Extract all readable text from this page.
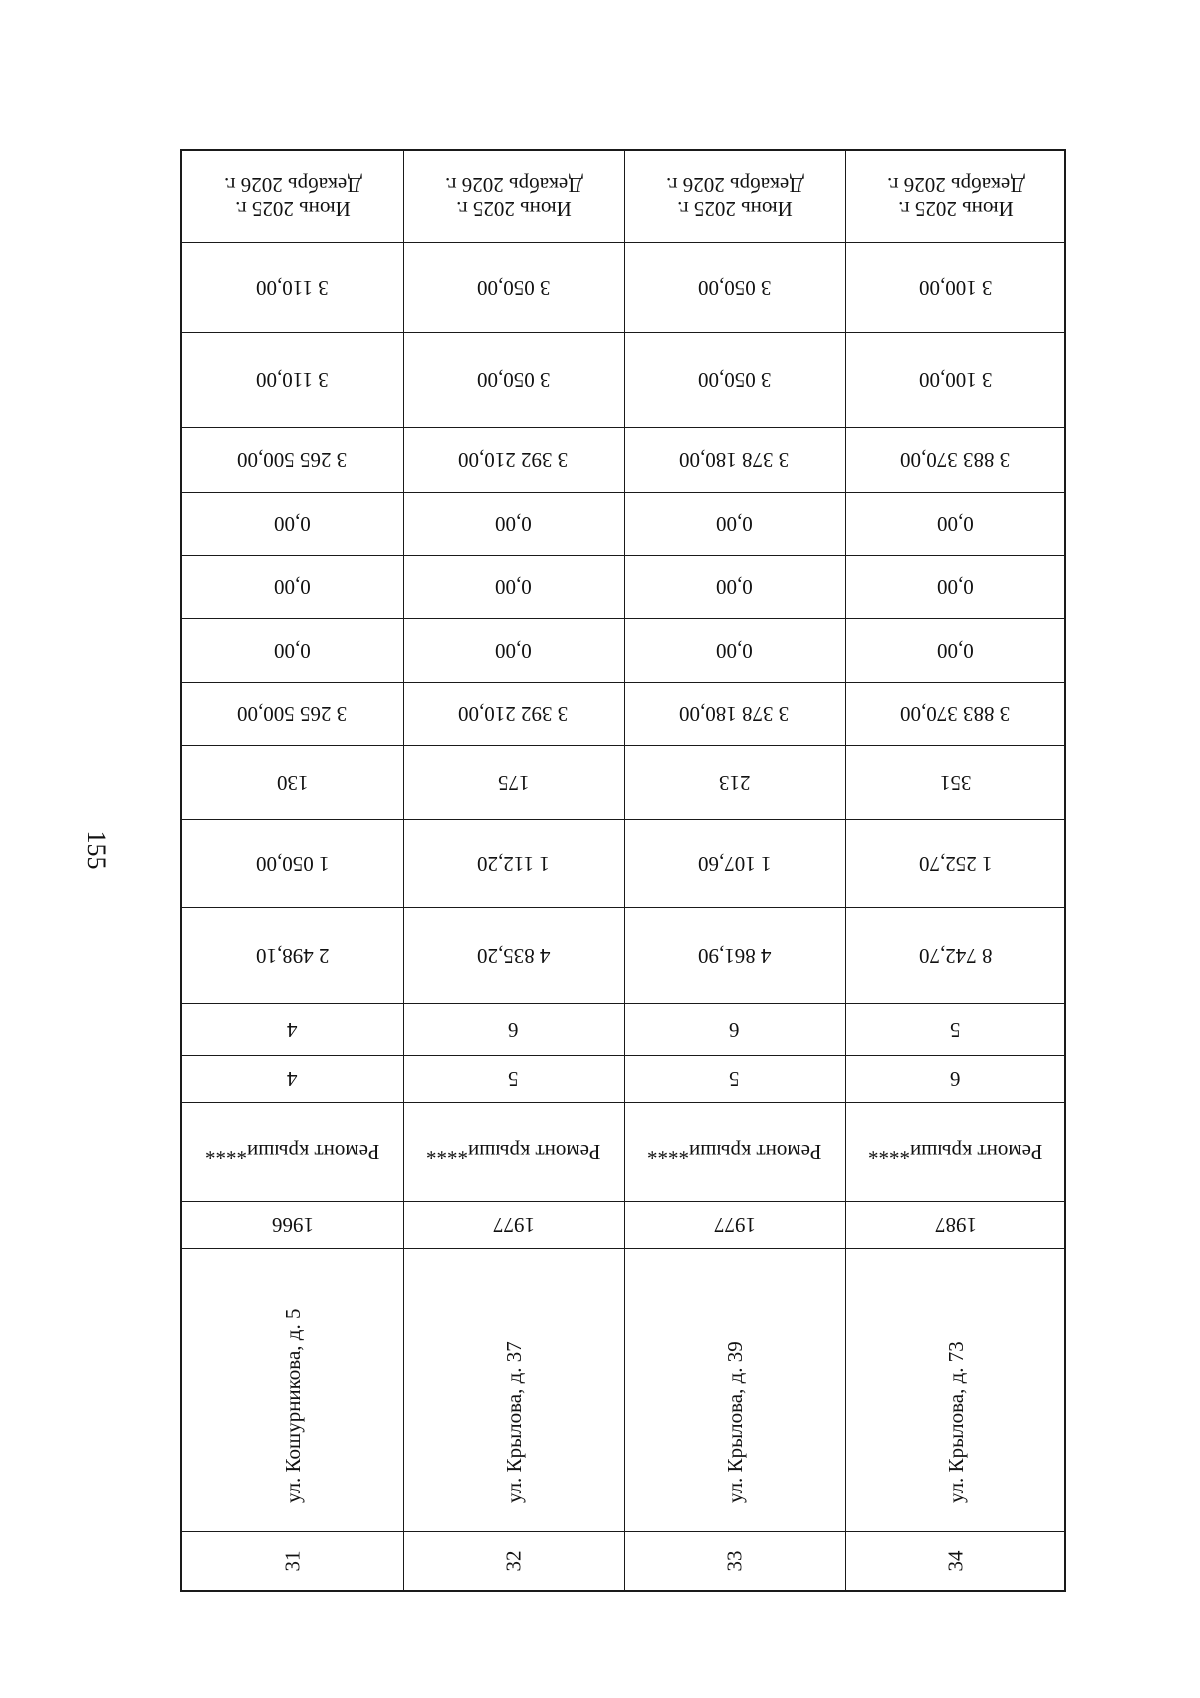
155
Июнь 2025 г.
Декабрь 2026 г.
Июнь 2025 г.
Декабрь 2026 г.
Июнь 2025 г.
Декабрь 2026 г.
Июнь 2025 г.
Декабрь 2026 г.
3 110,00	3 050,00	3 050,00	3 100,00
3 110,00	3 050,00	3 050,00	3 100,00
3 265 500,00	3 392 210,00	3 378 180,00	3 883 370,00
0,00	0,00	0,00	0,00
0,00	0,00	0,00	0,00
0,00	0,00	0,00	0,00
3 265 500,00	3 392 210,00	3 378 180,00	3 883 370,00
130	175	213	351
1 050,00	1 112,20	1 107,60	1 252,70
2 498,10	4 835,20	4 861,90	8 742,70
4	6	6	5
4	5	5	6
Ремонт крыши**** Ремонт крыши**** Ремонт крыши**** Ремонт крыши****
1966	1977	1977	1987
ул. Кошурникова, д. 5	ул. Крылова, д. 37	ул. Крылова, д. 39	ул. Крылова, д. 73
31	32	33	34
